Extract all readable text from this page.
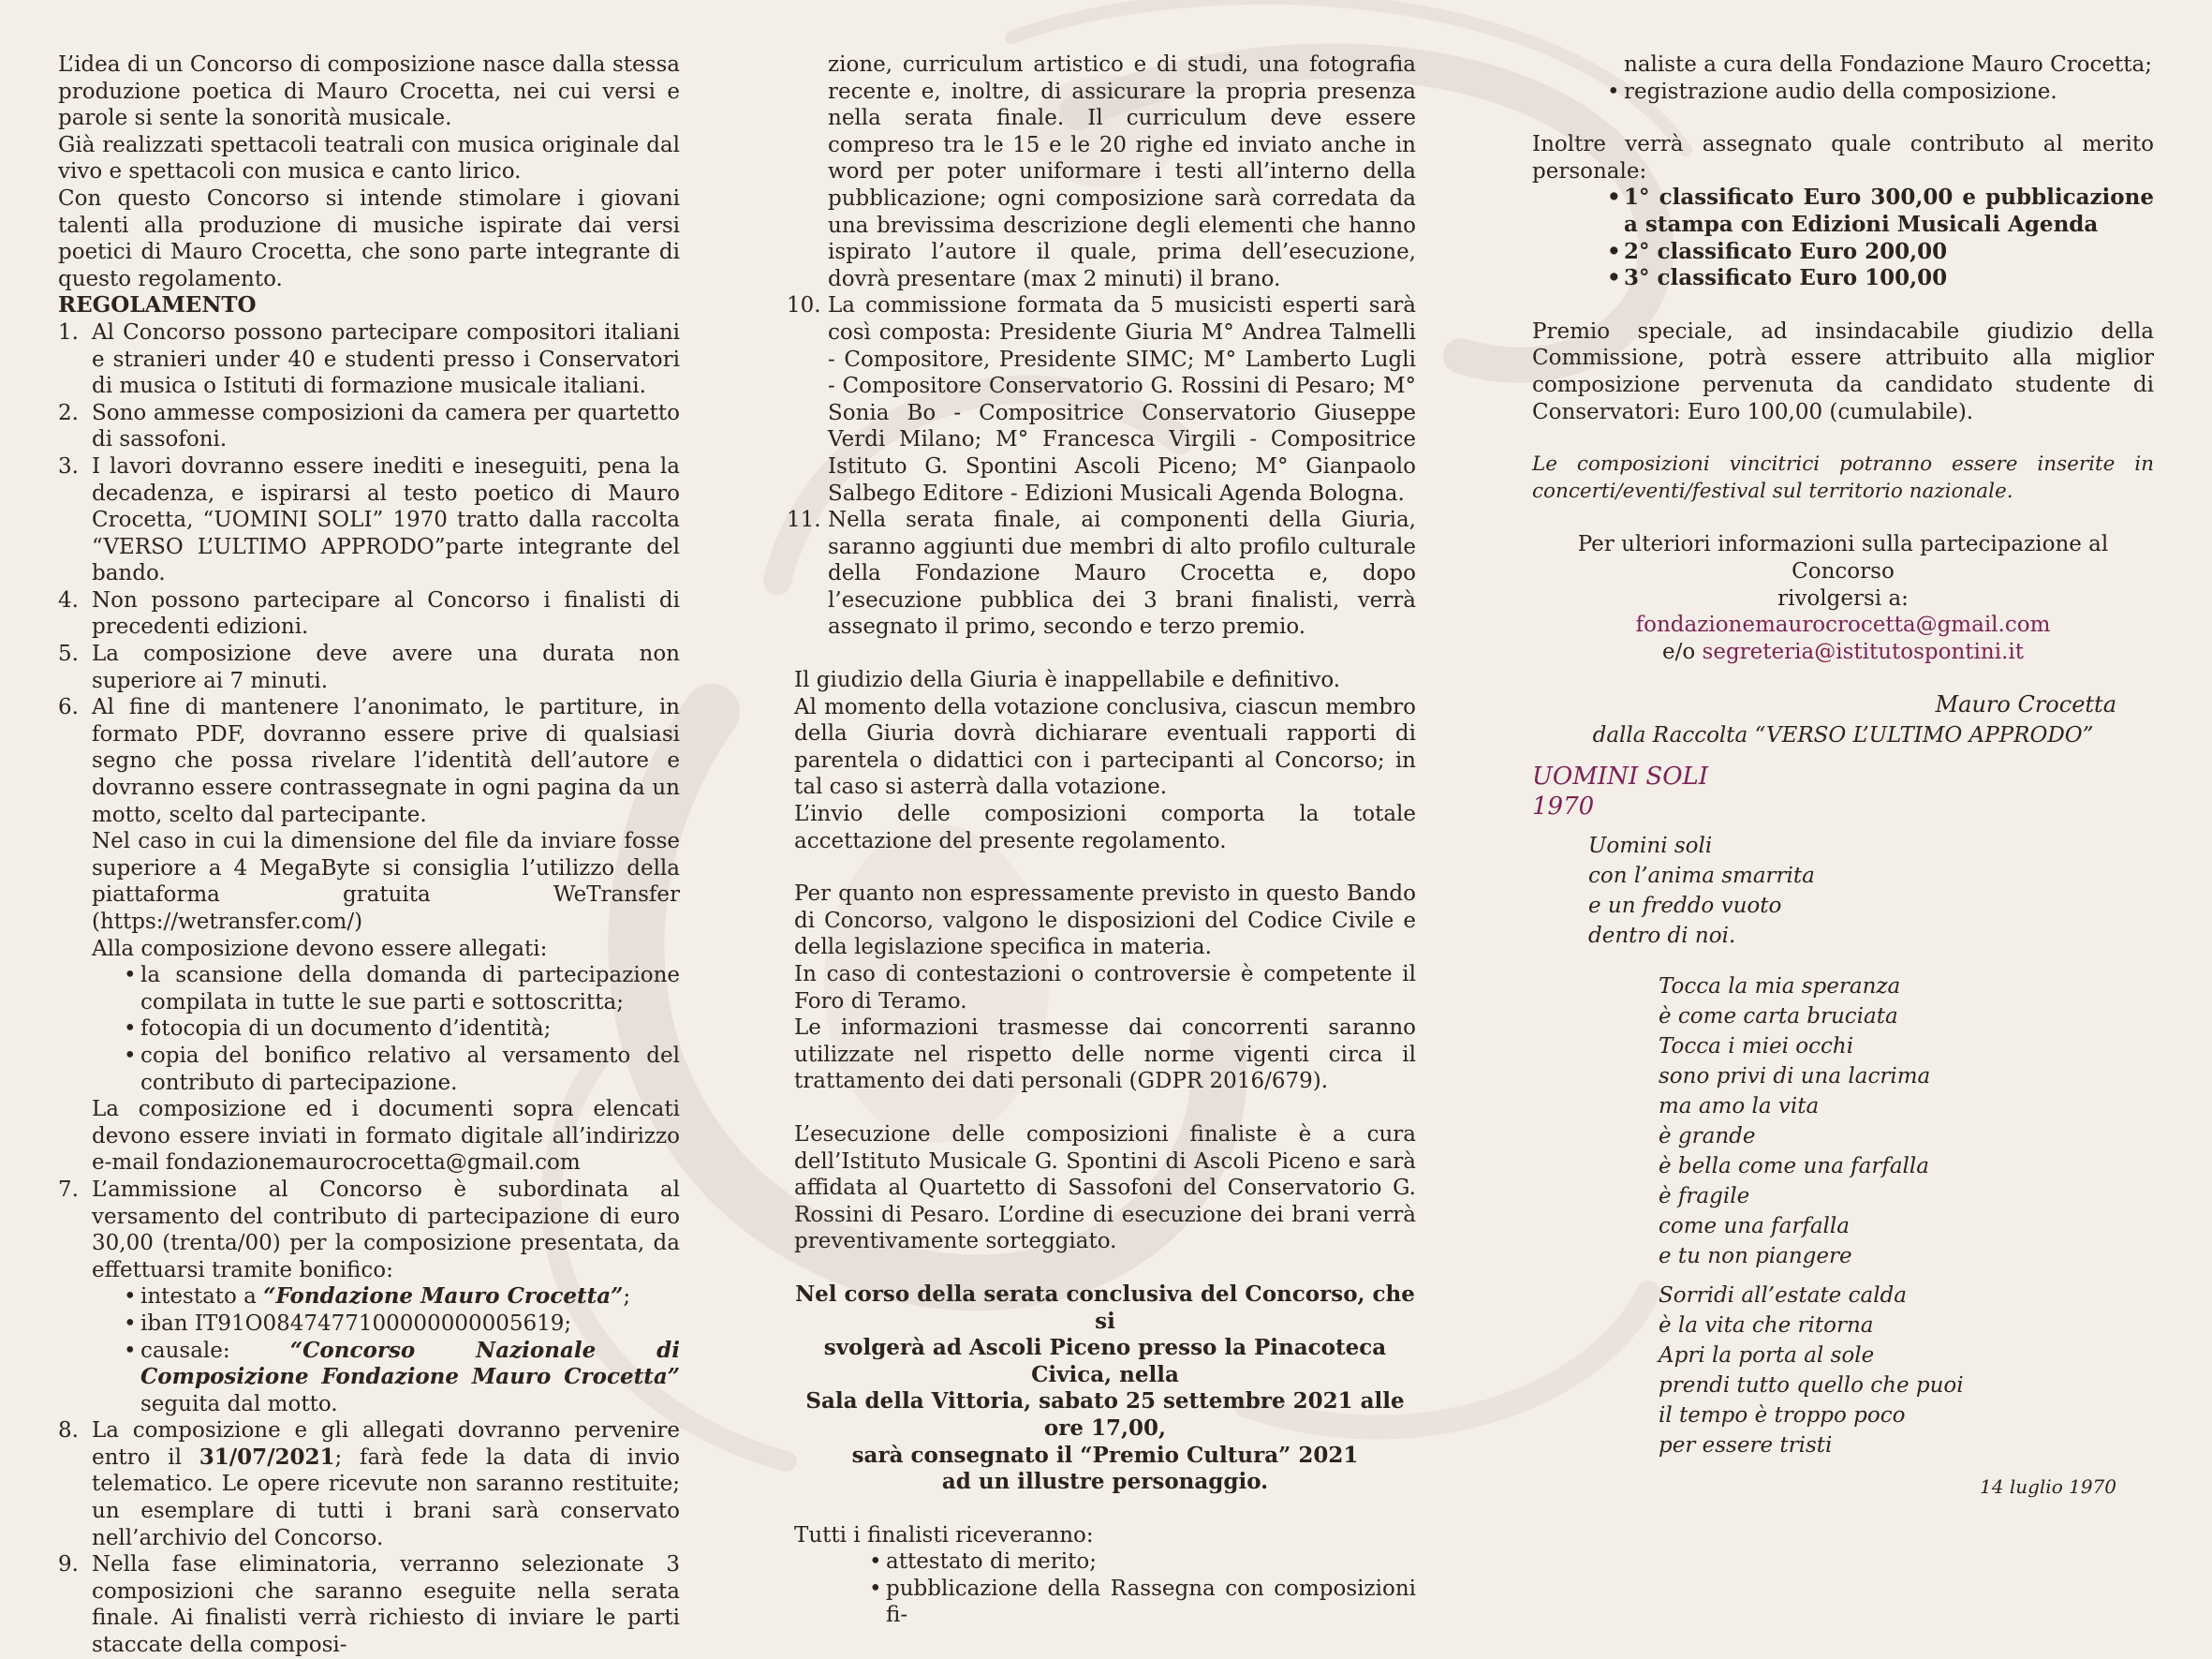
L’idea di un Concorso di composizione nasce dalla stessa produzione poetica di Mauro Crocetta, nei cui versi e parole si sente la sonorità musicale.

Già realizzati spettacoli teatrali con musica originale dal vivo e spettacoli con musica e canto lirico.

Con questo Concorso si intende stimolare i giovani talenti alla produzione di musiche ispirate dai versi poetici di Mauro Crocetta, che sono parte integrante di questo regolamento.

REGOLAMENTO

1. Al Concorso possono partecipare compositori italiani e stranieri under 40 e studenti presso i Conservatori di musica o Istituti di formazione musicale italiani.
2. Sono ammesse composizioni da camera per quartetto di sassofoni.
3. I lavori dovranno essere inediti e ineseguiti, pena la decadenza, e ispirarsi al testo poetico di Mauro Crocetta, “UOMINI SOLI” 1970 tratto dalla raccolta “VERSO L’ULTIMO APPRODO”parte integrante del bando.
4. Non possono partecipare al Concorso i finalisti di precedenti edizioni.
5. La composizione deve avere una durata non superiore ai 7 minuti.
6. Al fine di mantenere l’anonimato, le partiture, in formato PDF, dovranno essere prive di qualsiasi segno che possa rivelare l’identità dell’autore e dovranno essere contrassegnate in ogni pagina da un motto, scelto dal partecipante.

Nel caso in cui la dimensione del file da inviare fosse superiore a 4 MegaByte si consiglia l’utilizzo della piattaforma gratuita WeTransfer (https://wetransfer.com/)

Alla composizione devono essere allegati:

• la scansione della domanda di partecipazione compilata in tutte le sue parti e sottoscritta;
• fotocopia di un documento d’identità;
• copia del bonifico relativo al versamento del contributo di partecipazione.

La composizione ed i documenti sopra elencati devono essere inviati in formato digitale all’indirizzo e-mail fondazionemaurocrocetta@gmail.com

7. L’ammissione al Concorso è subordinata al versamento del contributo di partecipazione di euro 30,00 (trenta/00) per la composizione presentata, da effettuarsi tramite bonifico:
• intestato a “Fondazione Mauro Crocetta”;
• iban IT91O0847477100000000005619;
• causale: “Concorso Nazionale di Composizione Fondazione Mauro Crocetta” seguita dal motto.
8. La composizione e gli allegati dovranno pervenire entro il 31/07/2021; farà fede la data di invio telematico. Le opere ricevute non saranno restituite; un esemplare di tutti i brani sarà conservato nell’archivio del Concorso.
9. Nella fase eliminatoria, verranno selezionate 3 composizioni che saranno eseguite nella serata finale. Ai finalisti verrà richiesto di inviare le parti staccate della composi-

zione, curriculum artistico e di studi, una fotografia recente e, inoltre, di assicurare la propria presenza nella serata finale. Il curriculum deve essere compreso tra le 15 e le 20 righe ed inviato anche in word per poter uniformare i testi all’interno della pubblicazione; ogni composizione sarà corredata da una brevissima descrizione degli elementi che hanno ispirato l’autore il quale, prima dell’esecuzione, dovrà presentare (max 2 minuti) il brano.

10. La commissione formata da 5 musicisti esperti sarà così composta: Presidente Giuria M° Andrea Talmelli - Compositore, Presidente SIMC; M° Lamberto Lugli - Compositore Conservatorio G. Rossini di Pesaro; M° Sonia Bo - Compositrice Conservatorio Giuseppe Verdi Milano; M° Francesca Virgili - Compositrice Istituto G. Spontini Ascoli Piceno; M° Gianpaolo Salbego Editore - Edizioni Musicali Agenda Bologna.
11. Nella serata finale, ai componenti della Giuria, saranno aggiunti due membri di alto profilo culturale della Fondazione Mauro Crocetta e, dopo l’esecuzione pubblica dei 3 brani finalisti, verrà assegnato il primo, secondo e terzo premio.

Il giudizio della Giuria è inappellabile e definitivo.

Al momento della votazione conclusiva, ciascun membro della Giuria dovrà dichiarare eventuali rapporti di parentela o didattici con i partecipanti al Concorso; in tal caso si asterrà dalla votazione.

L’invio delle composizioni comporta la totale accettazione del presente regolamento.

Per quanto non espressamente previsto in questo Bando di Concorso, valgono le disposizioni del Codice Civile e della legislazione specifica in materia.

In caso di contestazioni o controversie è competente il Foro di Teramo.

Le informazioni trasmesse dai concorrenti saranno utilizzate nel rispetto delle norme vigenti circa il trattamento dei dati personali (GDPR 2016/679).

L’esecuzione delle composizioni finaliste è a cura dell’Istituto Musicale G. Spontini di Ascoli Piceno e sarà affidata al Quartetto di Sassofoni del Conservatorio G. Rossini di Pesaro. L’ordine di esecuzione dei brani verrà preventivamente sorteggiato.

Nel corso della serata conclusiva del Concorso, che si

svolgerà ad Ascoli Piceno presso la Pinacoteca Civica, nella

Sala della Vittoria, sabato 25 settembre 2021 alle ore 17,00,

sarà consegnato il “Premio Cultura” 2021

ad un illustre personaggio.

Tutti i finalisti riceveranno:

• attestato di merito;
• pubblicazione della Rassegna con composizioni fi-

naliste a cura della Fondazione Mauro Crocetta;

• registrazione audio della composizione.

Inoltre verrà assegnato quale contributo al merito personale:

• 1° classificato Euro 300,00 e pubblicazione a stampa con Edizioni Musicali Agenda
• 2° classificato Euro 200,00
• 3° classificato Euro 100,00

Premio speciale, ad insindacabile giudizio della Commissione, potrà essere attribuito alla miglior composizione pervenuta da candidato studente di Conservatori: Euro 100,00 (cumulabile).

Le composizioni vincitrici potranno essere inserite in concerti/eventi/festival sul territorio nazionale.

Per ulteriori informazioni sulla partecipazione al Concorso

rivolgersi a:

fondazionemaurocrocetta@gmail.com

e/o segreteria@istitutospontini.it

Mauro Crocetta

dalla Raccolta “VERSO L’ULTIMO APPRODO”

UOMINI SOLI

1970

Uomini soli
con l’anima smarrita
e un freddo vuoto
dentro di noi.
Tocca la mia speranza
è come carta bruciata
Tocca i miei occhi
sono privi di una lacrima
ma amo la vita
è grande
è bella come una farfalla
è fragile
come una farfalla
e tu non piangere
Sorridi all’estate calda
è la vita che ritorna
Apri la porta al sole
prendi tutto quello che puoi
il tempo è troppo poco
per essere tristi

14 luglio 1970
